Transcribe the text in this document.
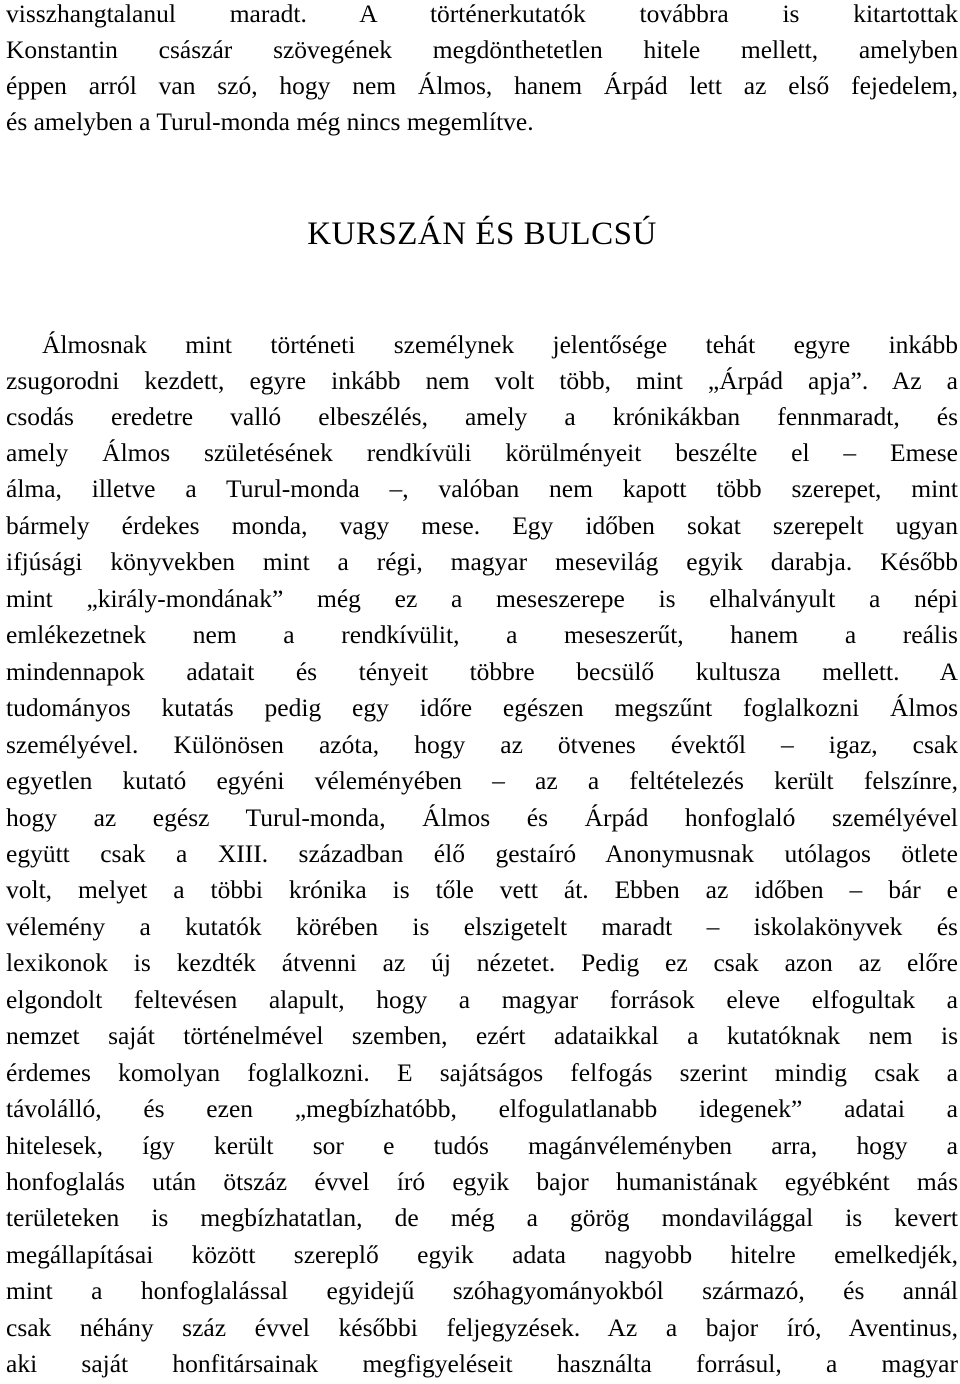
visszhangtalanul maradt. A történerkutatók továbbra is kitartottak
Konstantin császár szövegének megdönthetetlen hitele mellett, amelyben
éppen arról van szó, hogy nem Álmos, hanem Árpád lett az első fejedelem,
és amelyben a Turul-monda még nincs megemlítve.
KURSZÁN ÉS BULCSÚ
Álmosnak mint történeti személynek jelentősége tehát egyre inkább
zsugorodni kezdett, egyre inkább nem volt több, mint „Árpád apja”. Az a
csodás eredetre valló elbeszélés, amely a krónikákban fennmaradt, és
amely Álmos születésének rendkívüli körülményeit beszélte el – Emese
álma, illetve a Turul-monda –, valóban nem kapott több szerepet, mint
bármely érdekes monda, vagy mese. Egy időben sokat szerepelt ugyan
ifjúsági könyvekben mint a régi, magyar mesevilág egyik darabja. Később
mint „király-mondának” még ez a meseszerepe is elhalványult a népi
emlékezetnek nem a rendkívülit, a meseszerűt, hanem a reális
mindennapok adatait és tényeit többre becsülő kultusza mellett. A
tudományos kutatás pedig egy időre egészen megszűnt foglalkozni Álmos
személyével. Különösen azóta, hogy az ötvenes évektől – igaz, csak
egyetlen kutató egyéni véleményében – az a feltételezés került felszínre,
hogy az egész Turul-monda, Álmos és Árpád honfoglaló személyével
együtt csak a XIII. században élő gestaíró Anonymusnak utólagos ötlete
volt, melyet a többi krónika is tőle vett át. Ebben az időben – bár e
vélemény a kutatók körében is elszigetelt maradt – iskolakönyvek és
lexikonok is kezdték átvenni az új nézetet. Pedig ez csak azon az előre
elgondolt feltevésen alapult, hogy a magyar források eleve elfogultak a
nemzet saját történelmével szemben, ezért adataikkal a kutatóknak nem is
érdemes komolyan foglalkozni. E sajátságos felfogás szerint mindig csak a
távolálló, és ezen „megbízhatóbb, elfogulatlanabb idegenek” adatai a
hitelesek, így került sor e tudós magánvéleményben arra, hogy a
honfoglalás után ötszáz évvel író egyik bajor humanistának egyébként más
területeken is megbízhatatlan, de még a görög mondavilággal is kevert
megállapításai között szereplő egyik adata nagyobb hitelre emelkedjék,
mint a honfoglalással egyidejű szóhagyományokból származó, és annál
csak néhány száz évvel későbbi feljegyzések. Az a bajor író, Aventinus,
aki saját honfitársainak megfigyeléseit használta forrásul, a magyar
